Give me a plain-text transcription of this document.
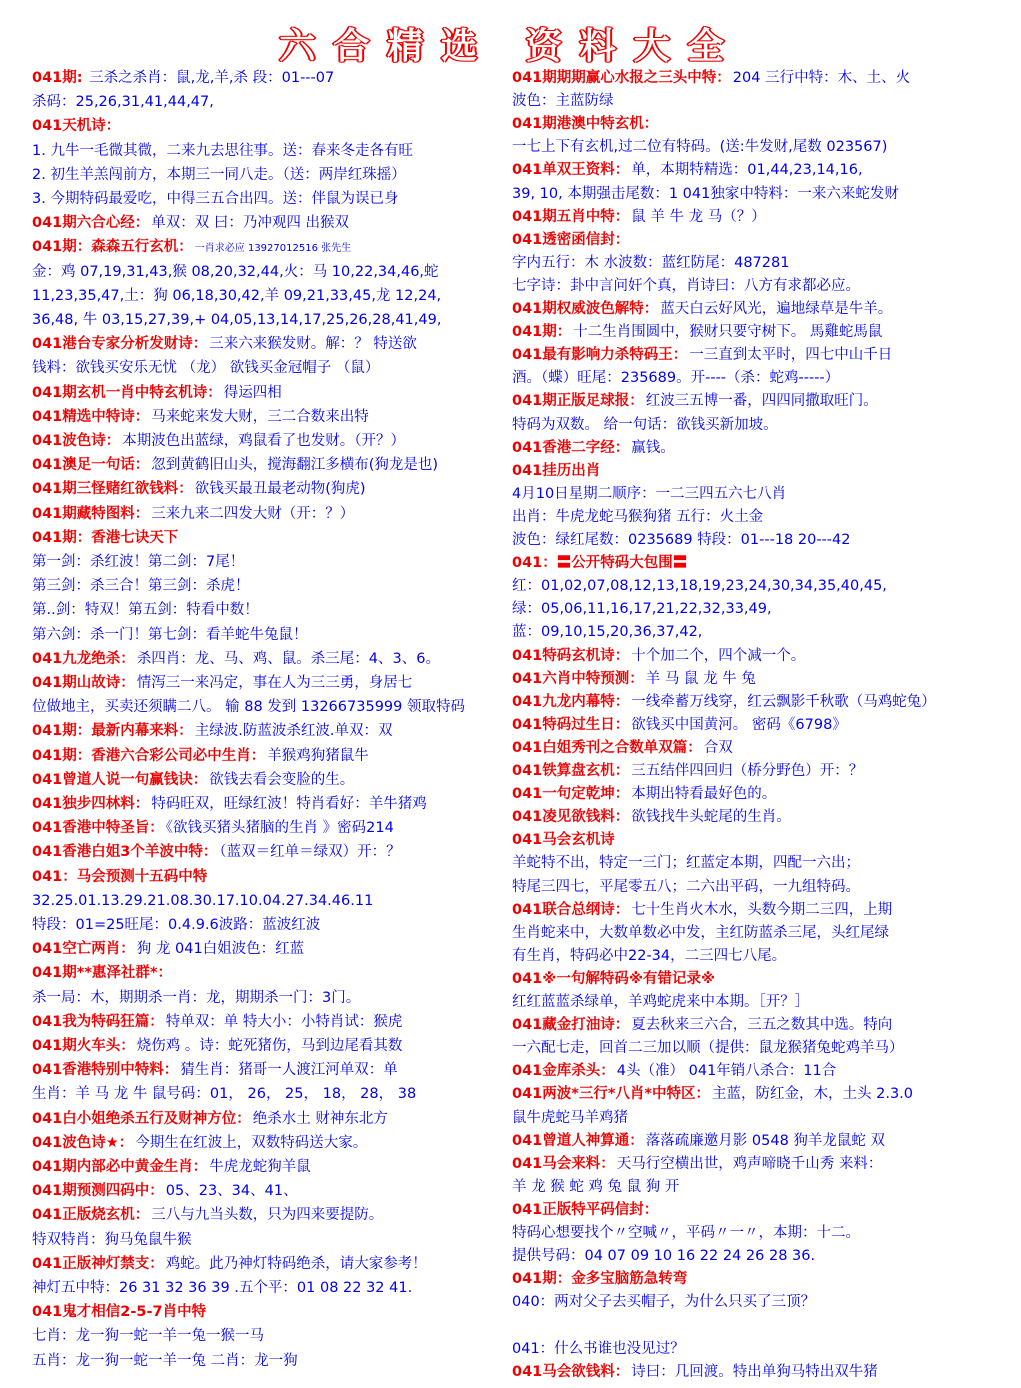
六合精选 资料大全
041期: 三杀之杀肖：鼠,龙,羊,杀 段：01---07
杀码：25,26,31,41,44,47,
041天机诗：
1. 九牛一毛微其微，二来九去思往事。送：春来冬走各有旺
2. 初生羊羔闯前方，本期三一同八走。（送：两岸红珠摇）
3. 今期特码最爱吃，中得三五合出四。送：伴鼠为误已身
041期六合心经： 单双：双 曰：乃冲观四 出猴双
041期：森森五行玄机： 一肖求必应 13927012516 张先生
金：鸡 07,19,31,43,猴 08,20,32,44,火：马 10,22,34,46,蛇
11,23,35,47,土：狗 06,18,30,42,羊 09,21,33,45,龙 12,24,
36,48, 牛 03,15,27,39,+ 04,05,13,14,17,25,26,28,41,49,
041港台专家分析发财诗： 三来六来猴发财。解：？ 特送欲
钱料：欲钱买安乐无忧 （龙） 欲钱买金冠帽子 （鼠）
041期玄机一肖中特玄机诗： 得运四相
041精选中特诗： 马来蛇来发大财，三二合数来出特
041波色诗： 本期波色出蓝绿，鸡鼠看了也发财。（开？）
041澳足一句话： 忽到黄鹤旧山头，搅海翻江多横布(狗龙是也)
041期三怪赌红欲钱料： 欲钱买最丑最老动物(狗虎)
041期藏特图料： 三来九来二四发大财（开：？）
041期：香港七诀天下
第一剑：杀红波！第二剑：7尾！
第三剑：杀三合！第三剑：杀虎！
第..剑：特双！第五剑：特看中数！
第六剑：杀一门！第七剑：看羊蛇牛兔鼠！
041九龙绝杀： 杀四肖：龙、马、鸡、鼠。杀三尾：4、3、6。
041期山故诗： 情泻三一来冯定，事在人为三三勇，身居七
位做地主，买卖还须瞒二八。 输 88 发到 13266735999 领取特码
041期：最新内幕来料： 主绿波.防蓝波杀红波.单双：双
041期：香港六合彩公司必中生肖： 羊猴鸡狗猪鼠牛
041曾道人说一句赢钱诀： 欲钱去看会变脸的生。
041独步四林料： 特码旺双，旺绿红波！特肖看好：羊牛猪鸡
041香港中特圣旨： 《欲钱买猪头猪脑的生肖 》密码214
041香港白姐3个羊波中特： （蓝双＝红单＝绿双）开：？
041：马会预测十五码中特
32.25.01.13.29.21.08.30.17.10.04.27.34.46.11
特段：01=25旺尾：0.4.9.6波路：蓝波红波
041空亡两肖： 狗 龙 041白姐波色：红蓝
041期**惠泽社群*：
杀一局：木，期期杀一肖：龙，期期杀一门：3门。
041我为特码狂篇： 特单双：单 特大小：小特肖试：猴虎
041期火车头： 烧伤鸡 。诗：蛇死猪伤，马到边尾看其数
041香港特别中特料： 猜生肖：猪哥一人渡江河单双：单
生肖：羊 马 龙 牛 鼠号码：01， 26， 25， 18， 28， 38
041白小姐绝杀五行及财神方位： 绝杀水土 财神东北方
041波色诗★： 今期生在红波上，双数特码送大家。
041期内部必中黄金生肖： 牛虎龙蛇狗羊鼠
041期预测四码中： 05、23、34、41、
041正版烧玄机： 三八与九当头数，只为四来要提防。
特双特肖：狗马兔鼠牛猴
041正版神灯禁支： 鸡蛇。此乃神灯特码绝杀，请大家参考！
神灯五中特：26 31 32 36 39 .五个平：01 08 22 32 41.
041鬼才相信2-5-7肖中特
七肖：龙一狗一蛇一羊一兔一猴一马
五肖：龙一狗一蛇一羊一兔 二肖：龙一狗
041期期期赢心水报之三头中特： 204 三行中特：木、土、火
波色：主蓝防绿
041期港澳中特玄机：
一七上下有玄机,过二位有特码。(送:牛发财,尾数 023567)
041单双王资料： 单，本期特精选：01,44,23,14,16,
39, 10, 本期强击尾数：1 041独家中特料：一来六来蛇发财
041期五肖中特： 鼠 羊 牛 龙 马（？）
041透密函信封：
字内五行：木 水波数：蓝红防尾：487281
七字诗：卦中言问奸个真，肖诗曰：八方有求都必应。
041期权威波色解特： 蓝天白云好风光，遍地绿草是牛羊。
041期： 十二生肖围圆中，猴财只要守树下。 馬雞蛇馬鼠
041最有影响力杀特码王： 一三直到太平时，四七中山千日
酒。（蝶）旺尾：235689。开----（杀：蛇鸡-----）
041期正版足球报： 红波三五博一番，四四同撒取旺门。
特码为双数。 给一句话：欲钱买新加坡。
041香港二字经： 赢钱。
041挂历出肖
4月10日星期二顺序：一二三四五六七八肖
出肖：牛虎龙蛇马猴狗猪 五行：火土金
波色：绿红尾数：0235689 特段：01---18 20---42
041：〓公开特码大包围〓
红：01,02,07,08,12,13,18,19,23,24,30,34,35,40,45,
绿：05,06,11,16,17,21,22,32,33,49,
蓝：09,10,15,20,36,37,42,
041特码玄机诗： 十个加二个，四个减一个。
041六肖中特预测： 羊 马 鼠 龙 牛 兔
041九龙内幕特： 一线牵蓄万线穿，红云飘影千秋歌（马鸡蛇兔）
041特码过生日： 欲钱买中国黄河。 密码《6798》
041白姐秀刊之合数单双篇： 合双
041铁算盘玄机： 三五结伴四回归（桥分野色）开：？
041一句定乾坤： 本期出特看最好色的。
041凌见欲钱料： 欲钱找牛头蛇尾的生肖。
041马会玄机诗
羊蛇特不出，特定一三门；红蓝定本期，四配一六出；
特尾三四七，平尾零五八；二六出平码，一九组特码。
041联合总纲诗： 七十生肖火木水，头数今期二三四，上期
生肖蛇来中，大数单数必中发，主红防蓝杀三尾，头红尾绿
有生肖，特码必中22-34，二三四七八尾。
041※一句解特码※有错记录※
红红蓝蓝杀绿单，羊鸡蛇虎来中本期。［开？］
041藏金打油诗： 夏去秋来三六合，三五之数其中选。特向
一六配七走，回首二三加以顺（提供：鼠龙猴猪兔蛇鸡羊马）
041金库杀头： 4头（准） 041年销八杀合：11合
041两波*三行*八肖*中特区： 主蓝，防红金，木，土头 2.3.0
鼠牛虎蛇马羊鸡猪
041曾道人神算通： 落落疏廉邀月影 0548 狗羊龙鼠蛇 双
041马会来料： 天马行空横出世，鸡声啼晓千山秀 来料：
羊 龙 猴 蛇 鸡 兔 鼠 狗 开
041正版特平码信封：
特码心想要找个〃空喊〃，平码〃一〃，本期：十二。
提供号码：04 07 09 10 16 22 24 26 28 36.
041期：金多宝脑筋急转弯
040：两对父子去买帽子，为什么只买了三顶？
041：什么书谁也没见过？
041马会欲钱料： 诗曰：几回渡。特出单狗马特出双牛猪
